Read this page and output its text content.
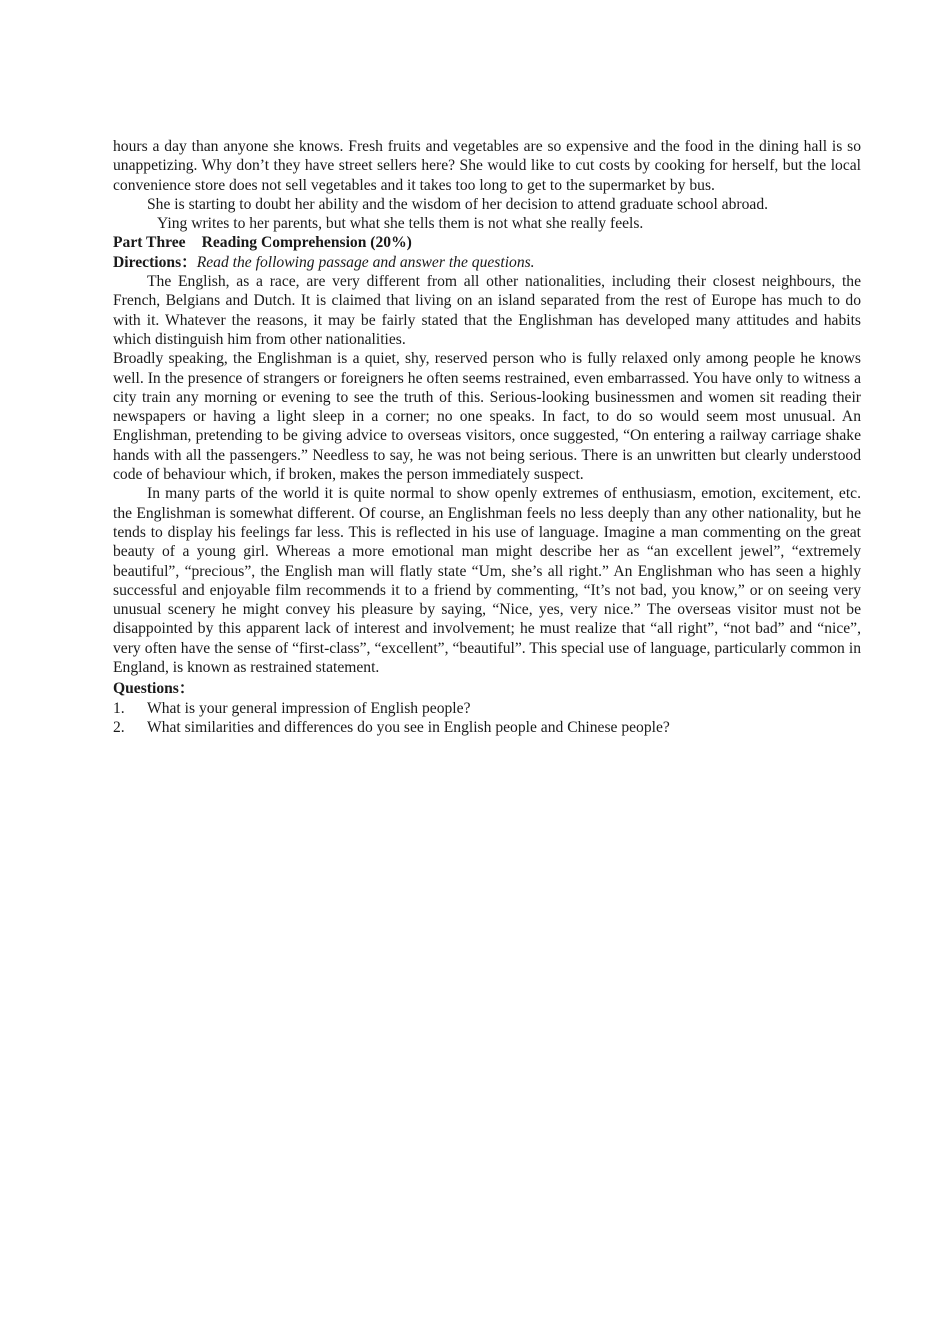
hours a day than anyone she knows. Fresh fruits and vegetables are so expensive and the food in the dining hall is so unappetizing. Why don’t they have street sellers here? She would like to cut costs by cooking for herself, but the local convenience store does not sell vegetables and it takes too long to get to the supermarket by bus.

She is starting to doubt her ability and the wisdom of her decision to attend graduate school abroad.

Ying writes to her parents, but what she tells them is not what she really feels.

Part Three Reading Comprehension (20%)

Directions：Read the following passage and answer the questions.

The English, as a race, are very different from all other nationalities, including their closest neighbours, the French, Belgians and Dutch. It is claimed that living on an island separated from the rest of Europe has much to do with it. Whatever the reasons, it may be fairly stated that the Englishman has developed many attitudes and habits which distinguish him from other nationalities.

Broadly speaking, the Englishman is a quiet, shy, reserved person who is fully relaxed only among people he knows well. In the presence of strangers or foreigners he often seems restrained, even embarrassed. You have only to witness a city train any morning or evening to see the truth of this. Serious-looking businessmen and women sit reading their newspapers or having a light sleep in a corner; no one speaks. In fact, to do so would seem most unusual. An Englishman, pretending to be giving advice to overseas visitors, once suggested, “On entering a railway carriage shake hands with all the passengers.” Needless to say, he was not being serious. There is an unwritten but clearly understood code of behaviour which, if broken, makes the person immediately suspect.

In many parts of the world it is quite normal to show openly extremes of enthusiasm, emotion, excitement, etc. the Englishman is somewhat different. Of course, an Englishman feels no less deeply than any other nationality, but he tends to display his feelings far less. This is reflected in his use of language. Imagine a man commenting on the great beauty of a young girl. Whereas a more emotional man might describe her as “an excellent jewel”, “extremely beautiful”, “precious”, the English man will flatly state “Um, she’s all right.” An Englishman who has seen a highly successful and enjoyable film recommends it to a friend by commenting, “It’s not bad, you know,” or on seeing very unusual scenery he might convey his pleasure by saying, “Nice, yes, very nice.” The overseas visitor must not be disappointed by this apparent lack of interest and involvement; he must realize that “all right”, “not bad” and “nice”, very often have the sense of “first-class”, “excellent”, “beautiful”. This special use of language, particularly common in England, is known as restrained statement.

Questions：

1.	What is your general impression of English people?
2.	What similarities and differences do you see in English people and Chinese people?
